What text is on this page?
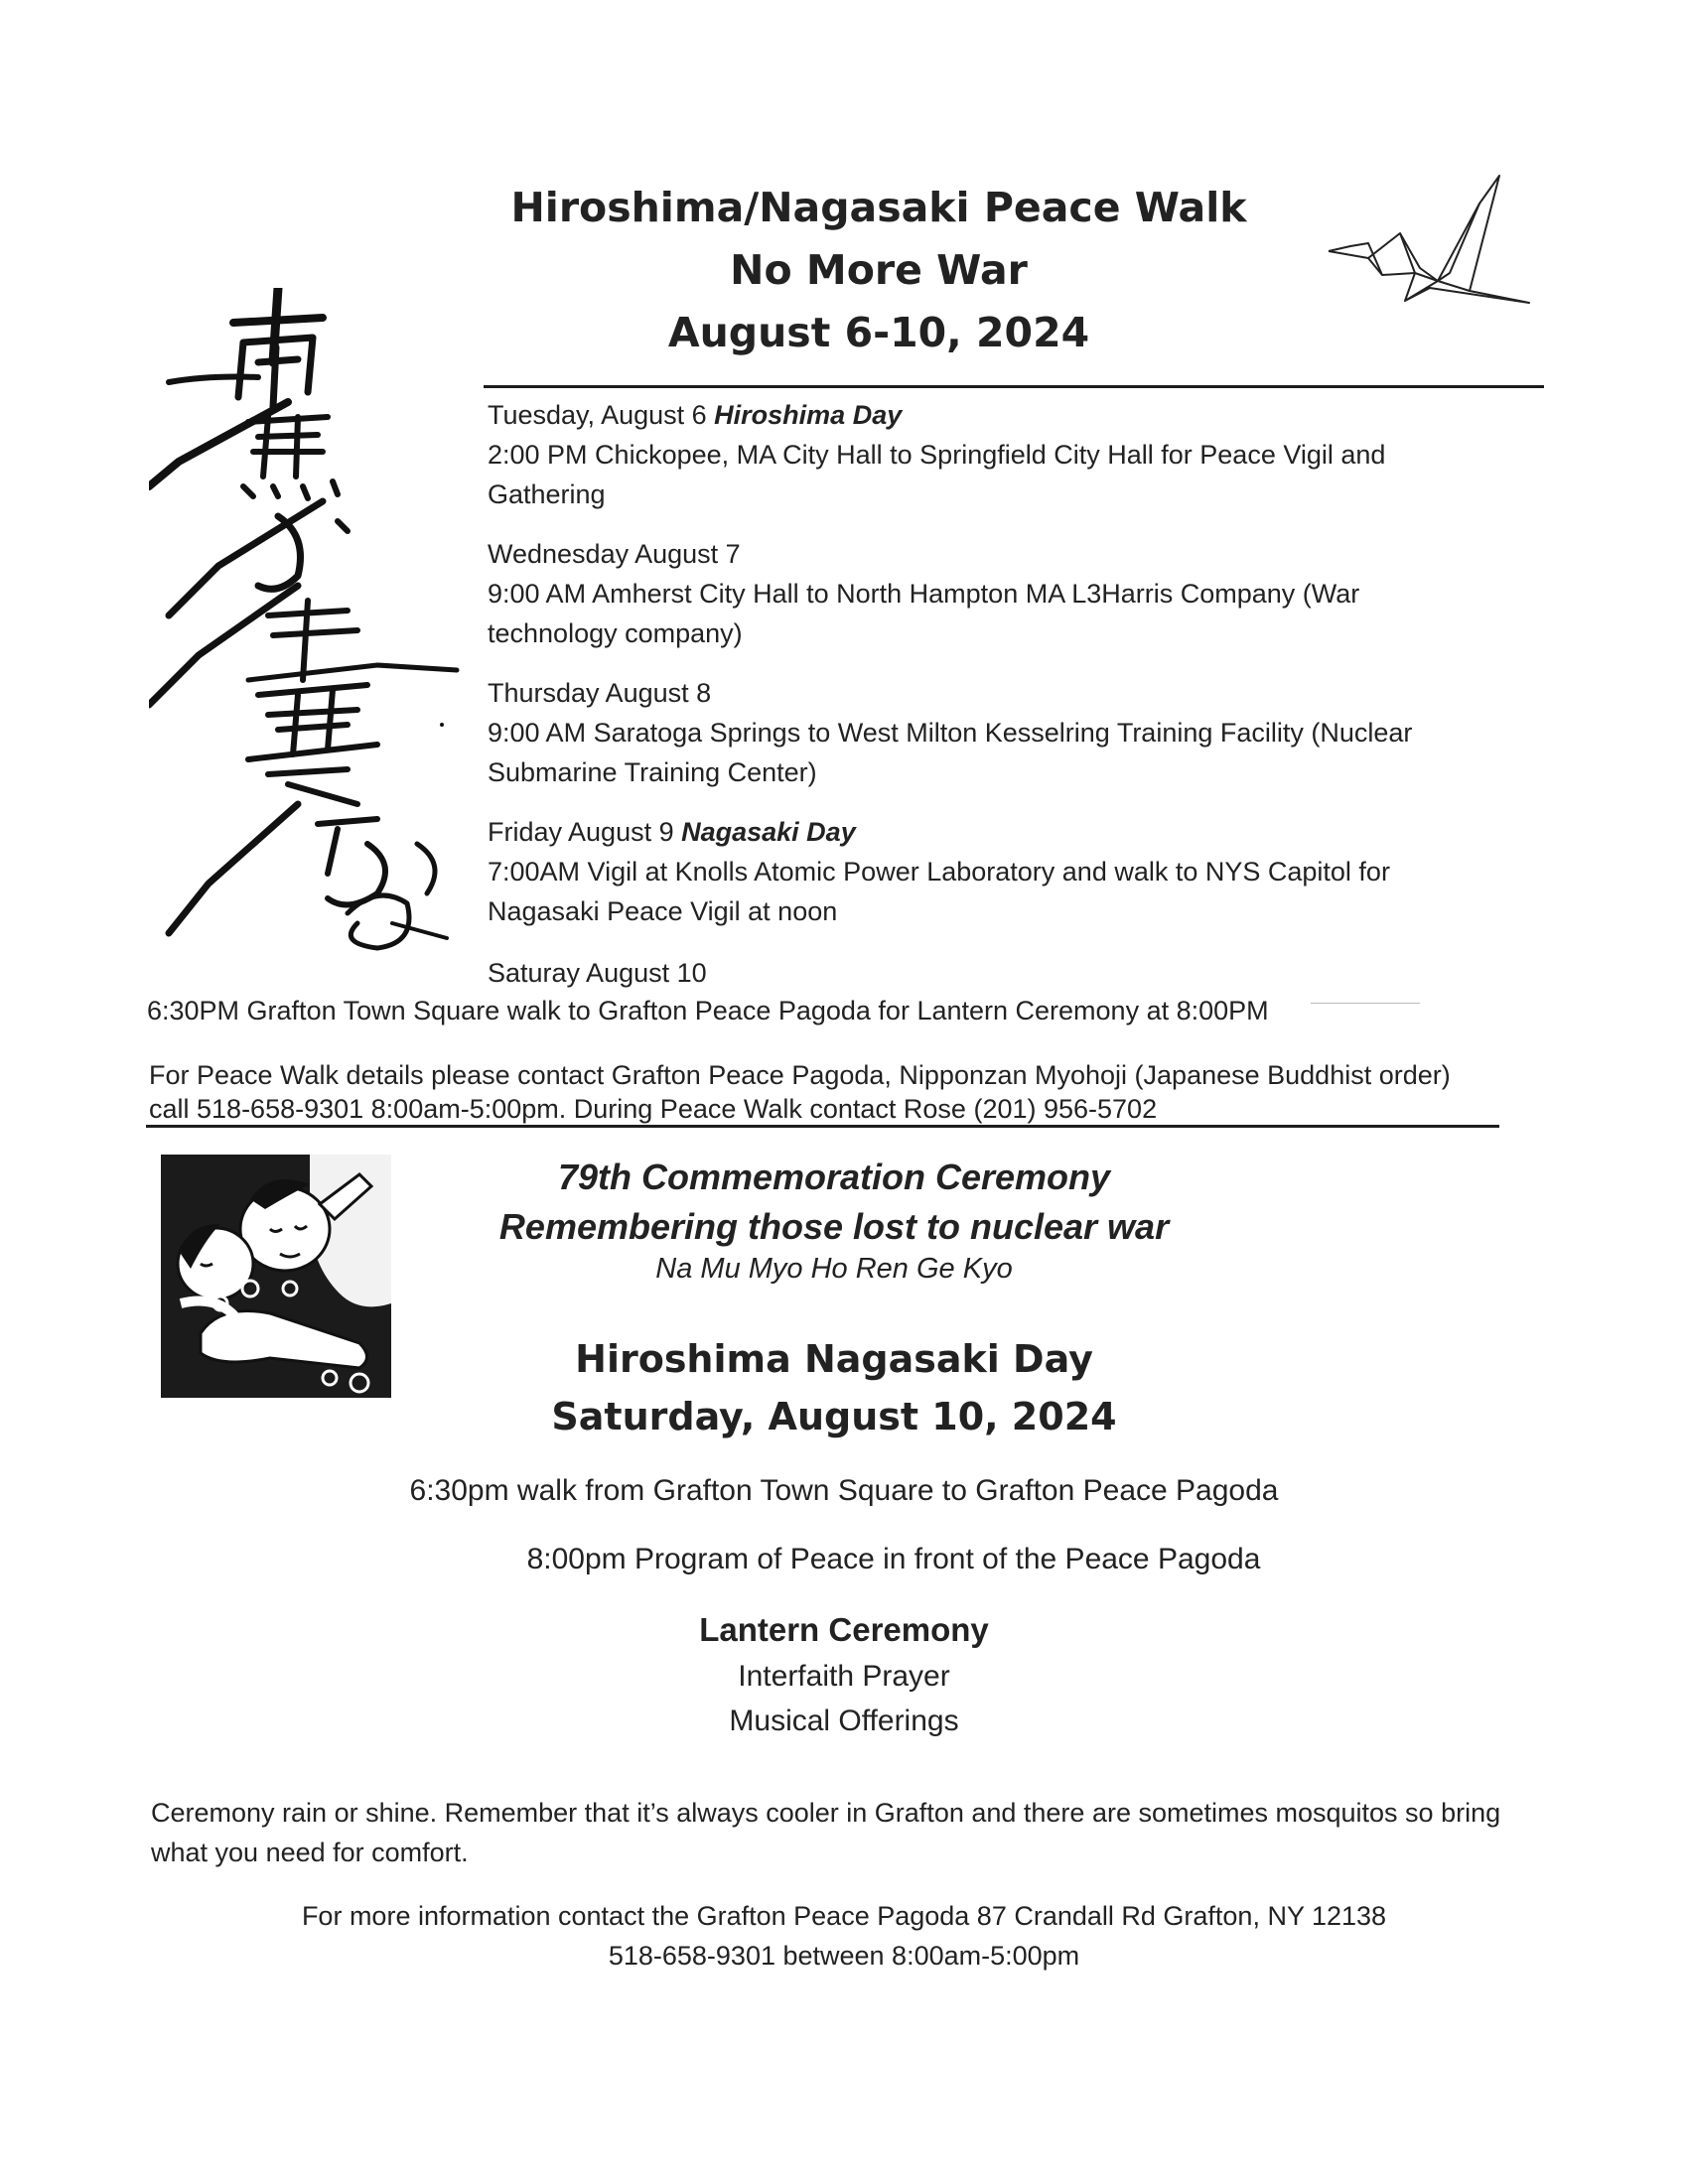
Hiroshima/Nagasaki Peace Walk
No More War
August 6-10, 2024
Tuesday, August 6 Hiroshima Day
2:00 PM Chickopee, MA City Hall to Springfield City Hall for Peace Vigil and
Gathering
Wednesday August 7
9:00 AM Amherst City Hall to North Hampton MA L3Harris Company (War
technology company)
Thursday August 8
9:00 AM Saratoga Springs to West Milton Kesselring Training Facility (Nuclear
Submarine Training Center)
Friday August 9 Nagasaki Day
7:00AM Vigil at Knolls Atomic Power Laboratory and walk to NYS Capitol for
Nagasaki Peace Vigil at noon
Saturay August 10
6:30PM Grafton Town Square walk to Grafton Peace Pagoda for Lantern Ceremony at 8:00PM
For Peace Walk details please contact Grafton Peace Pagoda, Nipponzan Myohoji (Japanese Buddhist order)
call 518-658-9301 8:00am-5:00pm. During Peace Walk contact Rose (201) 956-5702
79th Commemoration Ceremony
Remembering those lost to nuclear war
Na Mu Myo Ho Ren Ge Kyo
Hiroshima Nagasaki Day
Saturday, August 10, 2024
6:30pm walk from Grafton Town Square to Grafton Peace Pagoda
8:00pm Program of Peace in front of the Peace Pagoda
Lantern Ceremony
Interfaith Prayer
Musical Offerings
Ceremony rain or shine. Remember that it’s always cooler in Grafton and there are sometimes mosquitos so bring what you need for comfort.
For more information contact the Grafton Peace Pagoda 87 Crandall Rd Grafton, NY 12138
518-658-9301 between 8:00am-5:00pm
